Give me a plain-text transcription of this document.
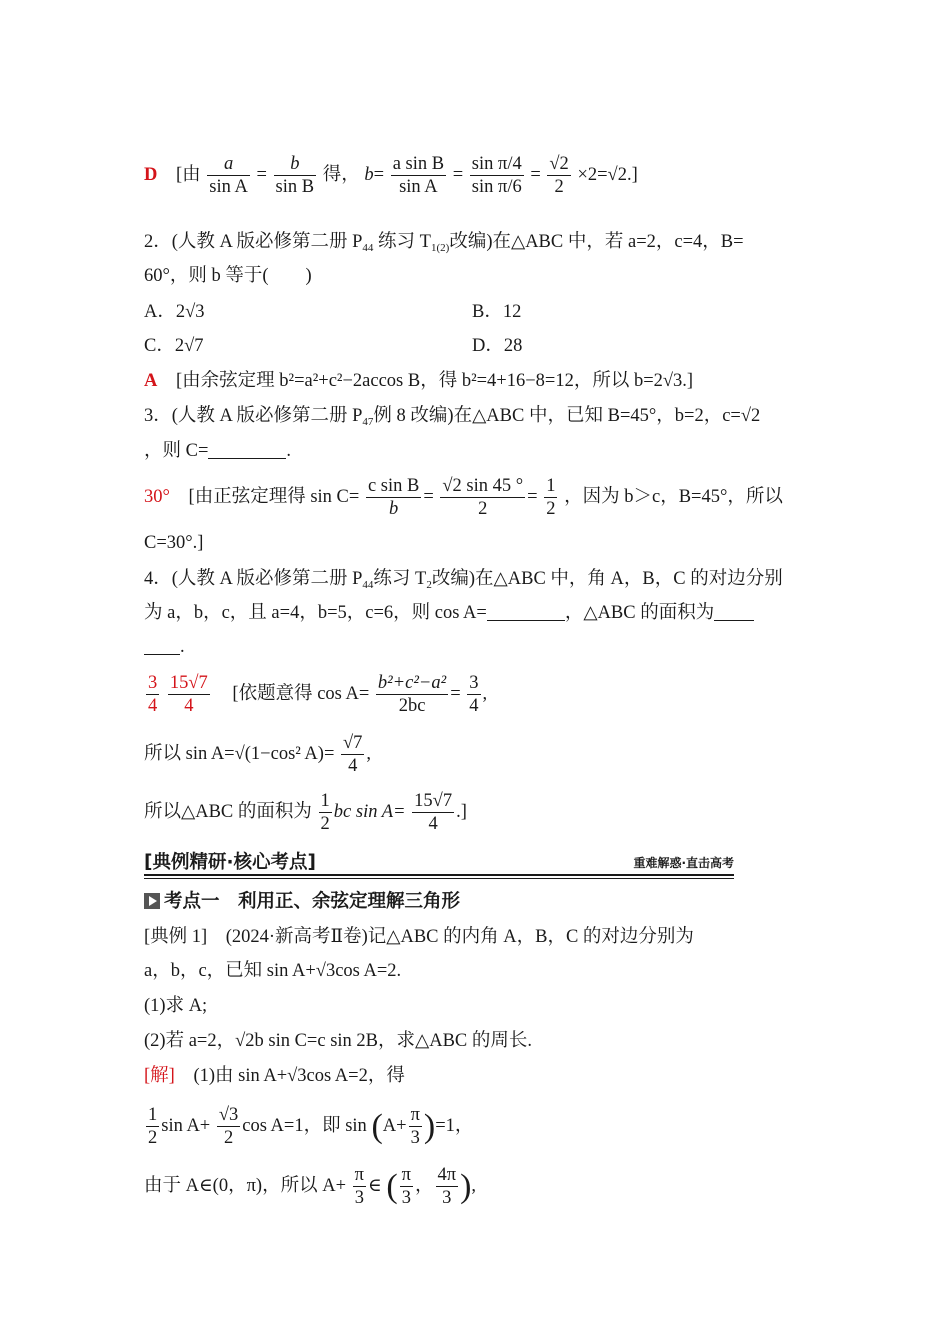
D [由 $\frac{a}{\text{sin A}} = \frac{b}{\text{sin B}}$ 得， $b= \frac{\text{a sin B}}{\text{sin A}} = \frac{\text{sin π/4}}{\text{sin π/6}} = \frac{√2}{2} \times 2=√2$.]
2．(人教 A 版必修第二册 $P_{44}$ 练习 $T_{1(2)}$改编)在△ABC 中，若 a=2，c=4，B=
60°，则 b 等于(　　)
A．2√3	B．12
C．2√7	D．28
A [由余弦定理 b²=a²+c²−2accos B，得 b²=4+16−8=12，所以 b=2√3.]
3．(人教 A 版必修第二册 $P_{47}$例 8 改编)在△ABC 中，已知 B=45°，b=2，c=√2
，则 C=	.
30° [由正弦定理得 $\sin C= \frac{\text{c sin B}}{b} = \frac{√2 \sin 45 ^\circ}{2} = \frac{1}{2}$ ，因为 b＞c，B=45°，所以
C=30°.]
4．(人教 A 版必修第二册 $P_{44}$练习 $T_2$改编)在△ABC 中，角 A，B，C 的对边分别
为 a，b，c，且 a=4，b=5，c=6，则 cos A=	，△ABC 的面积为
.
$\frac{3}{4}$
$\frac{15√7}{4}$ [依题意得 $\cos A= \frac{\text{b²+c²−a²}}{2bc} = \frac{3}{4}$ ,
所以 sin A=√(1−cos² $A)= \frac{√7}{4}$ ,
所以△ABC 的面积为 $\frac{1}{2}$ bc $\sin A= \frac{15√7}{4}$ .]
[典例精研·核心考点]	重难解惑·直击高考
考点一　利用正、余弦定理解三角形
[典例 1]　(2024·新高考Ⅱ卷)记△ABC 的内角 A，B，C 的对边分别为
a，b，c，已知 sin A+√3cos A=2.
(1)求 A;
(2)若 a=2，√2b sin C=c sin 2B，求△ABC 的周长.
[解] (1)由 sin A+√3cos A=2，得
$\frac{1}{2}$ $\sin A+ \frac{√3}{2}$ cos A=1，即 $\sin (A+ \frac{\pi}{3} )=1$，
由于 A∈(0，π)，所以 $A+ \frac{\pi}{3}$ ∈ ( $\frac{\pi}{3}$ ， $\frac{4\pi}{3}$ ),
